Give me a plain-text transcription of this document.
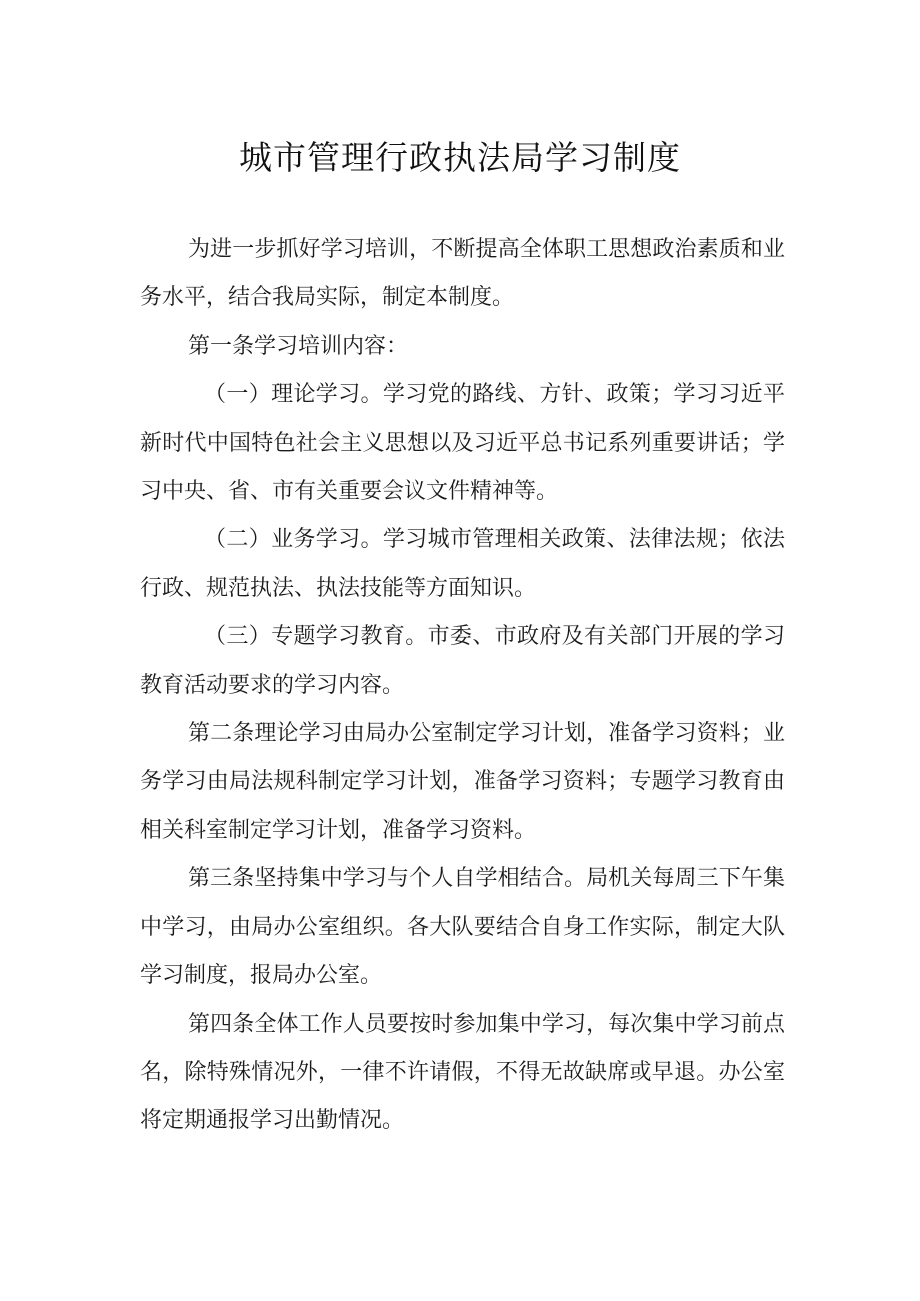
城市管理行政执法局学习制度

为进一步抓好学习培训，不断提高全体职工思想政治素质和业务水平，结合我局实际，制定本制度。

第一条学习培训内容：

（一）理论学习。学习党的路线、方针、政策；学习习近平新时代中国特色社会主义思想以及习近平总书记系列重要讲话；学习中央、省、市有关重要会议文件精神等。

（二）业务学习。学习城市管理相关政策、法律法规；依法行政、规范执法、执法技能等方面知识。

（三）专题学习教育。市委、市政府及有关部门开展的学习教育活动要求的学习内容。

第二条理论学习由局办公室制定学习计划，准备学习资料；业务学习由局法规科制定学习计划，准备学习资料；专题学习教育由相关科室制定学习计划，准备学习资料。

第三条坚持集中学习与个人自学相结合。局机关每周三下午集中学习，由局办公室组织。各大队要结合自身工作实际，制定大队学习制度，报局办公室。

第四条全体工作人员要按时参加集中学习，每次集中学习前点名，除特殊情况外，一律不许请假，不得无故缺席或早退。办公室将定期通报学习出勤情况。
